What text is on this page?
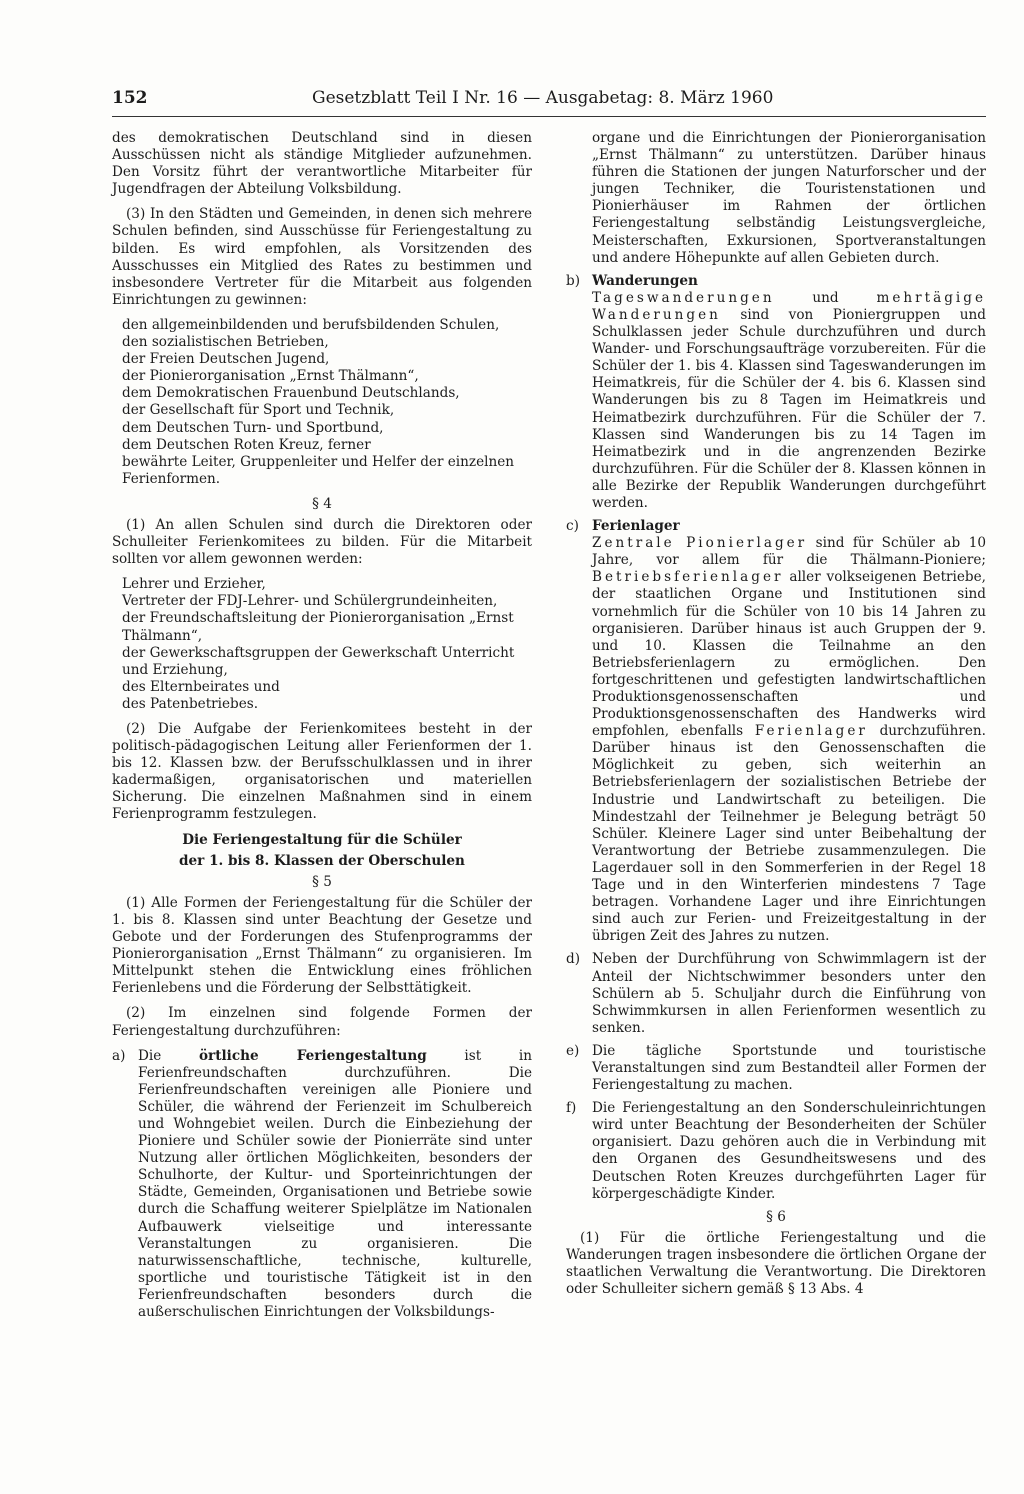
152	Gesetzblatt Teil I Nr. 16 — Ausgabetag: 8. März 1960

des demokratischen Deutschland sind in diesen Ausschüssen nicht als ständige Mitglieder aufzunehmen. Den Vorsitz führt der verantwortliche Mitarbeiter für Jugendfragen der Abteilung Volksbildung.

(3) In den Städten und Gemeinden, in denen sich mehrere Schulen befinden, sind Ausschüsse für Feriengestaltung zu bilden. Es wird empfohlen, als Vorsitzenden des Ausschusses ein Mitglied des Rates zu bestimmen und insbesondere Vertreter für die Mitarbeit aus folgenden Einrichtungen zu gewinnen:

den allgemeinbildenden und berufsbildenden Schulen,
den sozialistischen Betrieben,
der Freien Deutschen Jugend,
der Pionierorganisation „Ernst Thälmann“,
dem Demokratischen Frauenbund Deutschlands,
der Gesellschaft für Sport und Technik,
dem Deutschen Turn- und Sportbund,
dem Deutschen Roten Kreuz, ferner
bewährte Leiter, Gruppenleiter und Helfer der einzelnen Ferienformen.
§ 4

(1) An allen Schulen sind durch die Direktoren oder Schulleiter Ferienkomitees zu bilden. Für die Mitarbeit sollten vor allem gewonnen werden:

Lehrer und Erzieher,
Vertreter der FDJ-Lehrer- und Schülergrundeinheiten,
der Freundschaftsleitung der Pionierorganisation „Ernst Thälmann“,
der Gewerkschaftsgruppen der Gewerkschaft Unterricht und Erziehung,
des Elternbeirates und
des Patenbetriebes.

(2) Die Aufgabe der Ferienkomitees besteht in der politisch-pädagogischen Leitung aller Ferienformen der 1. bis 12. Klassen bzw. der Berufsschulklassen und in ihrer kadermaßigen, organisatorischen und materiellen Sicherung. Die einzelnen Maßnahmen sind in einem Ferienprogramm festzulegen.

Die Feriengestaltung für die Schüler
der 1. bis 8. Klassen der Oberschulen
§ 5

(1) Alle Formen der Feriengestaltung für die Schüler der 1. bis 8. Klassen sind unter Beachtung der Gesetze und Gebote und der Forderungen des Stufenprogramms der Pionierorganisation „Ernst Thälmann“ zu organisieren. Im Mittelpunkt stehen die Entwicklung eines fröhlichen Ferienlebens und die Förderung der Selbsttätigkeit.

(2) Im einzelnen sind folgende Formen der Feriengestaltung durchzuführen:

a) Die örtliche Feriengestaltung ist in Ferienfreundschaften durchzuführen. Die Ferienfreundschaften vereinigen alle Pioniere und Schüler, die während der Ferienzeit im Schulbereich und Wohngebiet weilen. Durch die Einbeziehung der Pioniere und Schüler sowie der Pionierräte sind unter Nutzung aller örtlichen Möglichkeiten, besonders der Schulhorte, der Kultur- und Sporteinrichtungen der Städte, Gemeinden, Organisationen und Betriebe sowie durch die Schaffung weiterer Spielplätze im Nationalen Aufbauwerk vielseitige und interessante Veranstaltungen zu organisieren. Die naturwissenschaftliche, technische, kulturelle, sportliche und touristische Tätigkeit ist in den Ferienfreundschaften besonders durch die außerschulischen Einrichtungen der Volksbildungs-
organe und die Einrichtungen der Pionierorganisation „Ernst Thälmann“ zu unterstützen. Darüber hinaus führen die Stationen der jungen Naturforscher und der jungen Techniker, die Touristenstationen und Pionierhäuser im Rahmen der örtlichen Feriengestaltung selbständig Leistungsvergleiche, Meisterschaften, Exkursionen, Sportveranstaltungen und andere Höhepunkte auf allen Gebieten durch.
b) Wanderungen
Tageswanderungen und mehrtägige Wanderungen sind von Pioniergruppen und Schulklassen jeder Schule durchzuführen und durch Wander- und Forschungsaufträge vorzubereiten. Für die Schüler der 1. bis 4. Klassen sind Tageswanderungen im Heimatkreis, für die Schüler der 4. bis 6. Klassen sind Wanderungen bis zu 8 Tagen im Heimatkreis und Heimatbezirk durchzuführen. Für die Schüler der 7. Klassen sind Wanderungen bis zu 14 Tagen im Heimatbezirk und in die angrenzenden Bezirke durchzuführen. Für die Schüler der 8. Klassen können in alle Bezirke der Republik Wanderungen durchgeführt werden.
c) Ferienlager
Zentrale Pionierlager sind für Schüler ab 10 Jahre, vor allem für die Thälmann-Pioniere; Betriebsferienlager aller volkseigenen Betriebe, der staatlichen Organe und Institutionen sind vornehmlich für die Schüler von 10 bis 14 Jahren zu organisieren. Darüber hinaus ist auch Gruppen der 9. und 10. Klassen die Teilnahme an den Betriebsferienlagern zu ermöglichen. Den fortgeschrittenen und gefestigten landwirtschaftlichen Produktionsgenossenschaften und Produktionsgenossenschaften des Handwerks wird empfohlen, ebenfalls Ferienlager durchzuführen. Darüber hinaus ist den Genossenschaften die Möglichkeit zu geben, sich weiterhin an Betriebsferienlagern der sozialistischen Betriebe der Industrie und Landwirtschaft zu beteiligen. Die Mindestzahl der Teilnehmer je Belegung beträgt 50 Schüler. Kleinere Lager sind unter Beibehaltung der Verantwortung der Betriebe zusammenzulegen. Die Lagerdauer soll in den Sommerferien in der Regel 18 Tage und in den Winterferien mindestens 7 Tage betragen. Vorhandene Lager und ihre Einrichtungen sind auch zur Ferien- und Freizeitgestaltung in der übrigen Zeit des Jahres zu nutzen.
d) Neben der Durchführung von Schwimmlagern ist der Anteil der Nichtschwimmer besonders unter den Schülern ab 5. Schuljahr durch die Einführung von Schwimmkursen in allen Ferienformen wesentlich zu senken.
e) Die tägliche Sportstunde und touristische Veranstaltungen sind zum Bestandteil aller Formen der Feriengestaltung zu machen.
f)	Die Feriengestaltung an den Sonderschuleinrichtungen wird unter Beachtung der Besonderheiten der Schüler organisiert. Dazu gehören auch die in Verbindung mit den Organen des Gesundheitswesens und des Deutschen Roten Kreuzes durchgeführten Lager für körpergeschädigte Kinder.
§ 6

(1) Für die örtliche Feriengestaltung und die Wanderungen tragen insbesondere die örtlichen Organe der staatlichen Verwaltung die Verantwortung. Die Direktoren oder Schulleiter sichern gemäß § 13 Abs. 4
